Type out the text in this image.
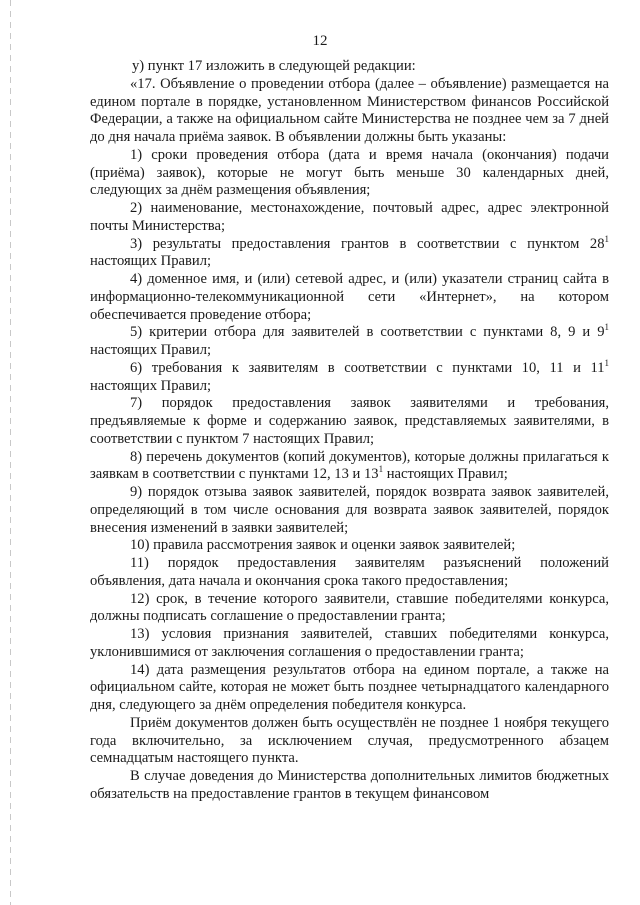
12

у) пункт 17 изложить в следующей редакции:

«17. Объявление о проведении отбора (далее – объявление) размещается на едином портале в порядке, установленном Министерством финансов Российской Федерации, а также на официальном сайте Министерства не позднее чем за 7 дней до дня начала приёма заявок. В объявлении должны быть указаны:

1) сроки проведения отбора (дата и время начала (окончания) подачи (приёма) заявок), которые не могут быть меньше 30 календарных дней, следующих за днём размещения объявления;

2) наименование, местонахождение, почтовый адрес, адрес электронной почты Министерства;

3) результаты предоставления грантов в соответствии с пунктом $28^1$ настоящих Правил;

4) доменное имя, и (или) сетевой адрес, и (или) указатели страниц сайта в информационно-телекоммуникационной сети «Интернет», на котором обеспечивается проведение отбора;

5) критерии отбора для заявителей в соответствии с пунктами 8, 9 и $9^1$ настоящих Правил;

6) требования к заявителям в соответствии с пунктами 10, 11 и $11^1$ настоящих Правил;

7) порядок предоставления заявок заявителями и требования, предъявляемые к форме и содержанию заявок, представляемых заявителями, в соответствии с пунктом 7 настоящих Правил;

8) перечень документов (копий документов), которые должны прилагаться к заявкам в соответствии с пунктами 12, 13 и $13^1$ настоящих Правил;

9) порядок отзыва заявок заявителей, порядок возврата заявок заявителей, определяющий в том числе основания для возврата заявок заявителей, порядок внесения изменений в заявки заявителей;

10) правила рассмотрения заявок и оценки заявок заявителей;

11) порядок предоставления заявителям разъяснений положений объявления, дата начала и окончания срока такого предоставления;

12) срок, в течение которого заявители, ставшие победителями конкурса, должны подписать соглашение о предоставлении гранта;

13) условия признания заявителей, ставших победителями конкурса, уклонившимися от заключения соглашения о предоставлении гранта;

14) дата размещения результатов отбора на едином портале, а также на официальном сайте, которая не может быть позднее четырнадцатого календарного дня, следующего за днём определения победителя конкурса.

Приём документов должен быть осуществлён не позднее 1 ноября текущего года включительно, за исключением случая, предусмотренного абзацем семнадцатым настоящего пункта.

В случае доведения до Министерства дополнительных лимитов бюджетных обязательств на предоставление грантов в текущем финансовом
